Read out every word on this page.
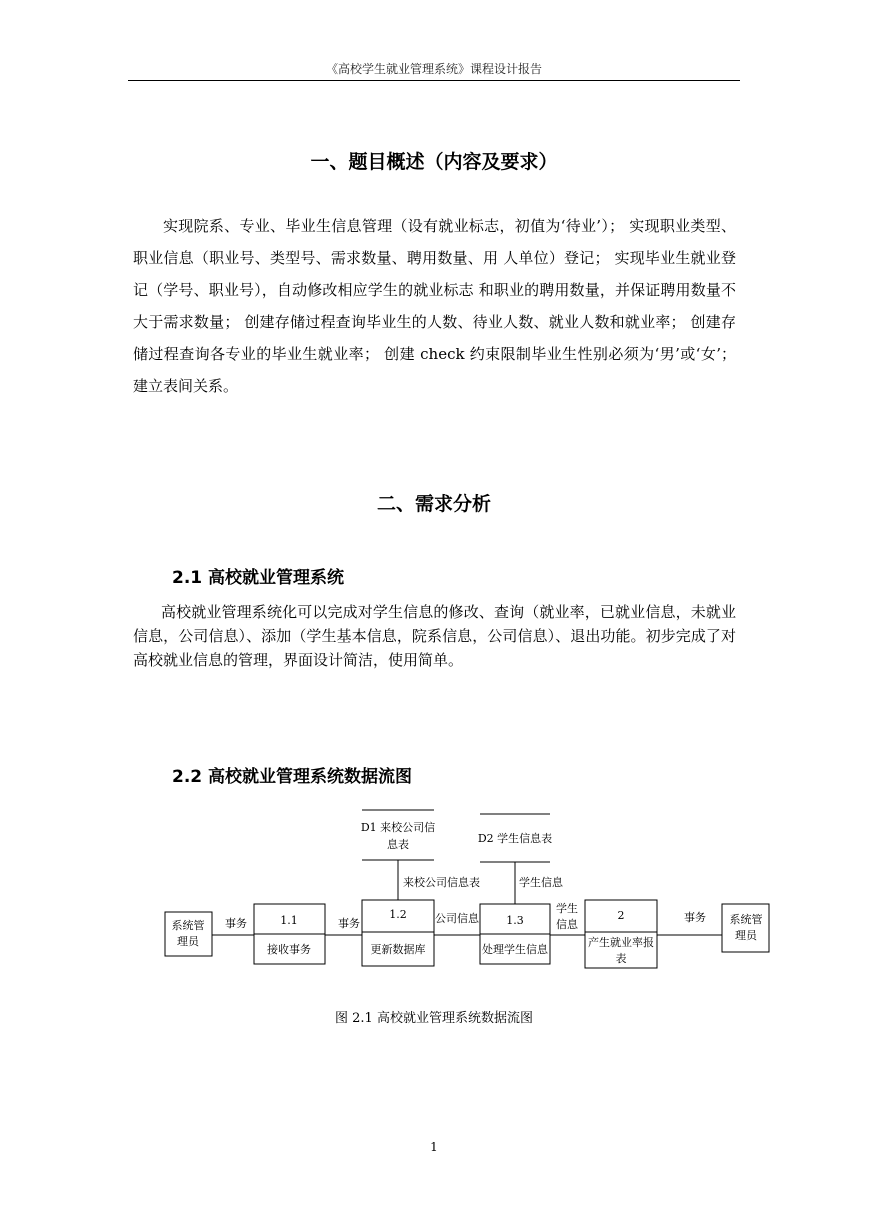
《高校学生就业管理系统》课程设计报告
一、题目概述（内容及要求）

实现院系、专业、毕业生信息管理（设有就业标志，初值为‘待业’）； 实现职业类型、职业信息（职业号、类型号、需求数量、聘用数量、用 人单位）登记； 实现毕业生就业登记（学号、职业号），自动修改相应学生的就业标志 和职业的聘用数量，并保证聘用数量不大于需求数量； 创建存储过程查询毕业生的人数、待业人数、就业人数和就业率； 创建存储过程查询各专业的毕业生就业率； 创建 check 约束限制毕业生性别必须为‘男’或‘女’； 建立表间关系。

二、需求分析
2.1 高校就业管理系统

高校就业管理系统化可以完成对学生信息的修改、查询（就业率，已就业信息，未就业信息，公司信息）、添加（学生基本信息，院系信息，公司信息）、退出功能。初步完成了对高校就业信息的管理，界面设计简洁，使用简单。

2.2 高校就业管理系统数据流图
系统管
理员
1.1
接收事务
1.2
更新数据库
1.3
处理学生信息
2
产生就业率报
表
系统管
理员
D1 来校公司信
息表	D2 学生信息表
事务	事务	公司信息
学生
信息
事务
来校公司信息表	学生信息
图 2.1 高校就业管理系统数据流图
1
